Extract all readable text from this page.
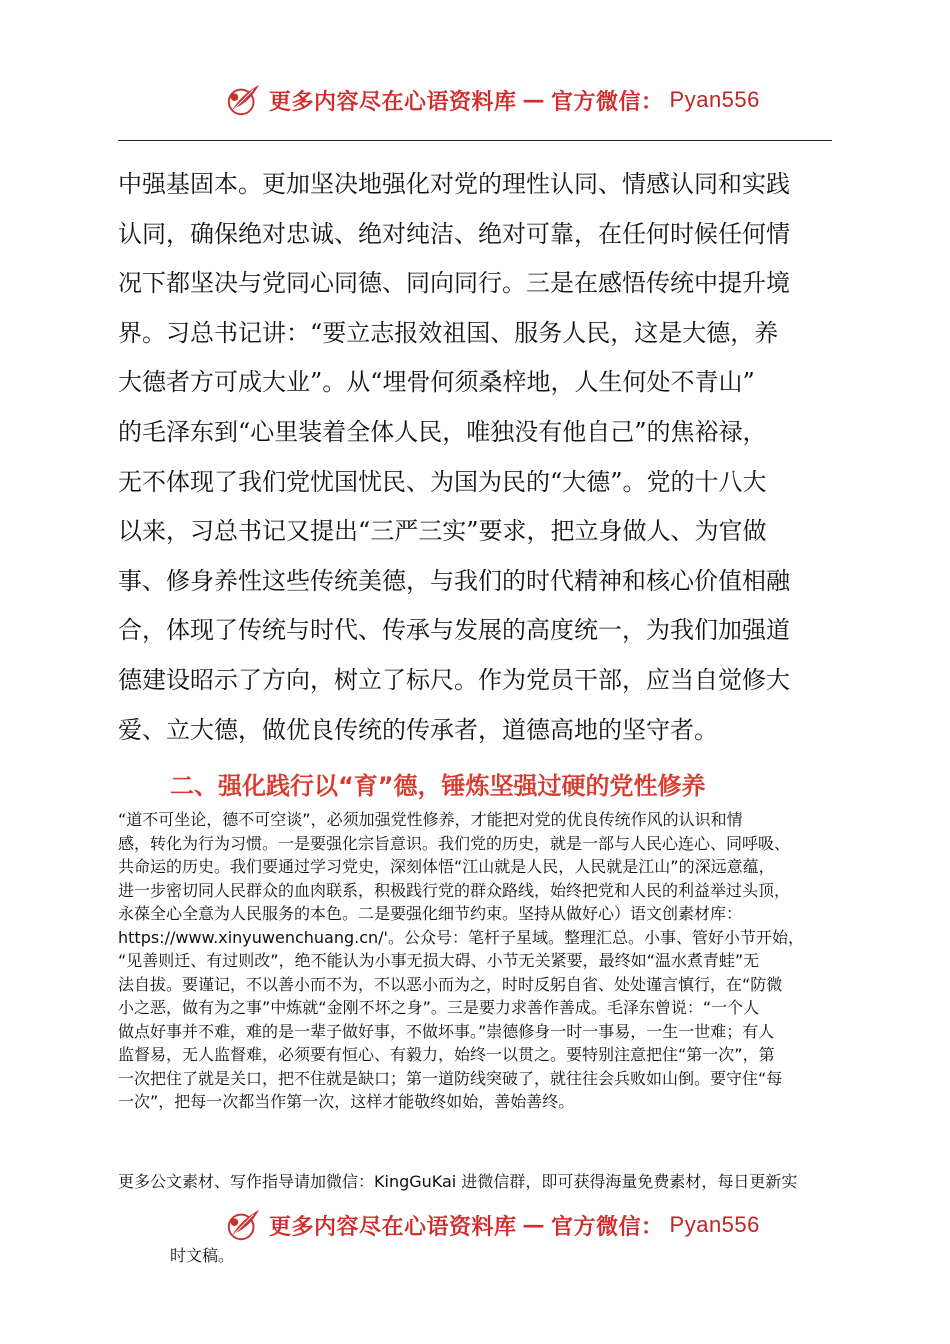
更多内容尽在心语资料库 — 官方微信： Pyan556
中强基固本。更加坚决地强化对党的理性认同、情感认同和实践
认同，确保绝对忠诚、绝对纯洁、绝对可靠，在任何时候任何情
况下都坚决与党同心同德、同向同行。三是在感悟传统中提升境
界。习总书记讲：“要立志报效祖国、服务人民，这是大德，养
大德者方可成大业”。从“埋骨何须桑梓地，人生何处不青山”
的毛泽东到“心里装着全体人民，唯独没有他自己”的焦裕禄，
无不体现了我们党忧国忧民、为国为民的“大德”。党的十八大
以来，习总书记又提出“三严三实”要求，把立身做人、为官做
事、修身养性这些传统美德，与我们的时代精神和核心价值相融
合，体现了传统与时代、传承与发展的高度统一，为我们加强道
德建设昭示了方向，树立了标尺。作为党员干部，应当自觉修大
爱、立大德，做优良传统的传承者，道德高地的坚守者。
二、强化践行以“育”德，锤炼坚强过硬的党性修养
“道不可坐论，德不可空谈”，必须加强党性修养，才能把对党的优良传统作风的认识和情
感，转化为行为习惯。一是要强化宗旨意识。我们党的历史，就是一部与人民心连心、同呼吸、
共命运的历史。我们要通过学习党史，深刻体悟“江山就是人民，人民就是江山”的深远意蕴，
进一步密切同人民群众的血肉联系，积极践行党的群众路线，始终把党和人民的利益举过头顶，
永葆全心全意为人民服务的本色。二是要强化细节约束。坚持从做好心）语文创素材库：
https://www.xinyuwenchuang.cn/'。公众号：笔杆子星域。整理汇总。小事、管好小节开始，
“见善则迁、有过则改”，绝不能认为小事无损大碍、小节无关紧要，最终如“温水煮青蛙”无
法自拔。要谨记，不以善小而不为，不以恶小而为之，时时反躬自省、处处谨言慎行，在“防微
小之恶，做有为之事”中炼就“金刚不坏之身”。三是要力求善作善成。毛泽东曾说：“一个人
做点好事并不难，难的是一辈子做好事，不做坏事。”崇德修身一时一事易，一生一世难；有人
监督易，无人监督难，必须要有恒心、有毅力，始终一以贯之。要特别注意把住“第一次”，第
一次把住了就是关口，把不住就是缺口；第一道防线突破了，就往往会兵败如山倒。要守住“每
一次”，把每一次都当作第一次，这样才能敬终如始，善始善终。
更多公文素材、写作指导请加微信：KingGuKai 进微信群，即可获得海量免费素材，每日更新实
更多内容尽在心语资料库 — 官方微信： Pyan556
时文稿。
